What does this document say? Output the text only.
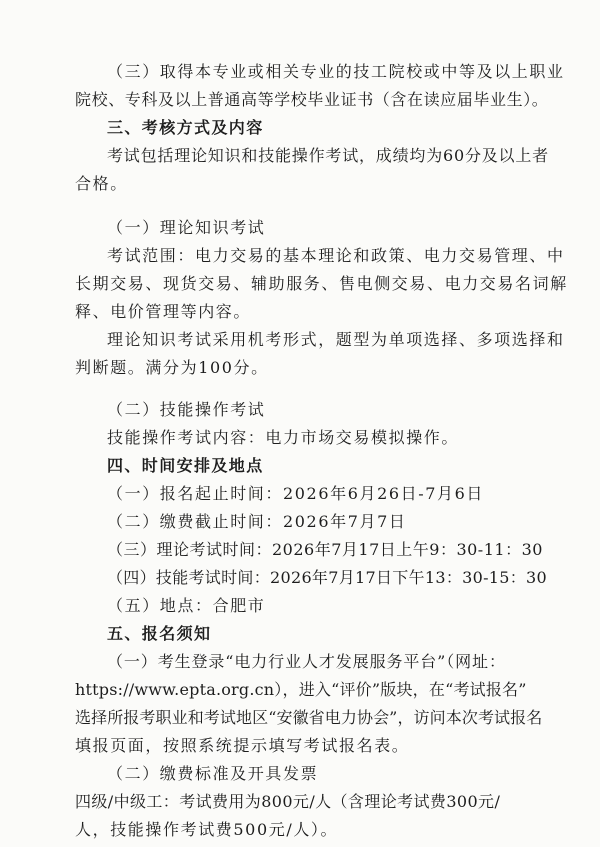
（三）取得本专业或相关专业的技工院校或中等及以上职业
院校、专科及以上普通高等学校毕业证书（含在读应届毕业生）。
三、考核方式及内容
考试包括理论知识和技能操作考试，成绩均为60分及以上者
合格。
（一）理论知识考试
考试范围：电力交易的基本理论和政策、电力交易管理、中
长期交易、现货交易、辅助服务、售电侧交易、电力交易名词解
释、电价管理等内容。
理论知识考试采用机考形式，题型为单项选择、多项选择和
判断题。满分为100分。
（二）技能操作考试
技能操作考试内容：电力市场交易模拟操作。
四、时间安排及地点
（一）报名起止时间：2026年6月26日-7月6日
（二）缴费截止时间：2026年7月7日
（三）理论考试时间：2026年7月17日上午9：30-11：30
（四）技能考试时间：2026年7月17日下午13：30-15：30
（五）地点：合肥市
五、报名须知
（一）考生登录“电力行业人才发展服务平台”（网址：
https://www.epta.org.cn），进入“评价”版块，在“考试报名”
选择所报考职业和考试地区“安徽省电力协会”，访问本次考试报名
填报页面，按照系统提示填写考试报名表。
（二）缴费标准及开具发票
四级/中级工：考试费用为800元/人（含理论考试费300元/
人，技能操作考试费500元/人）。
